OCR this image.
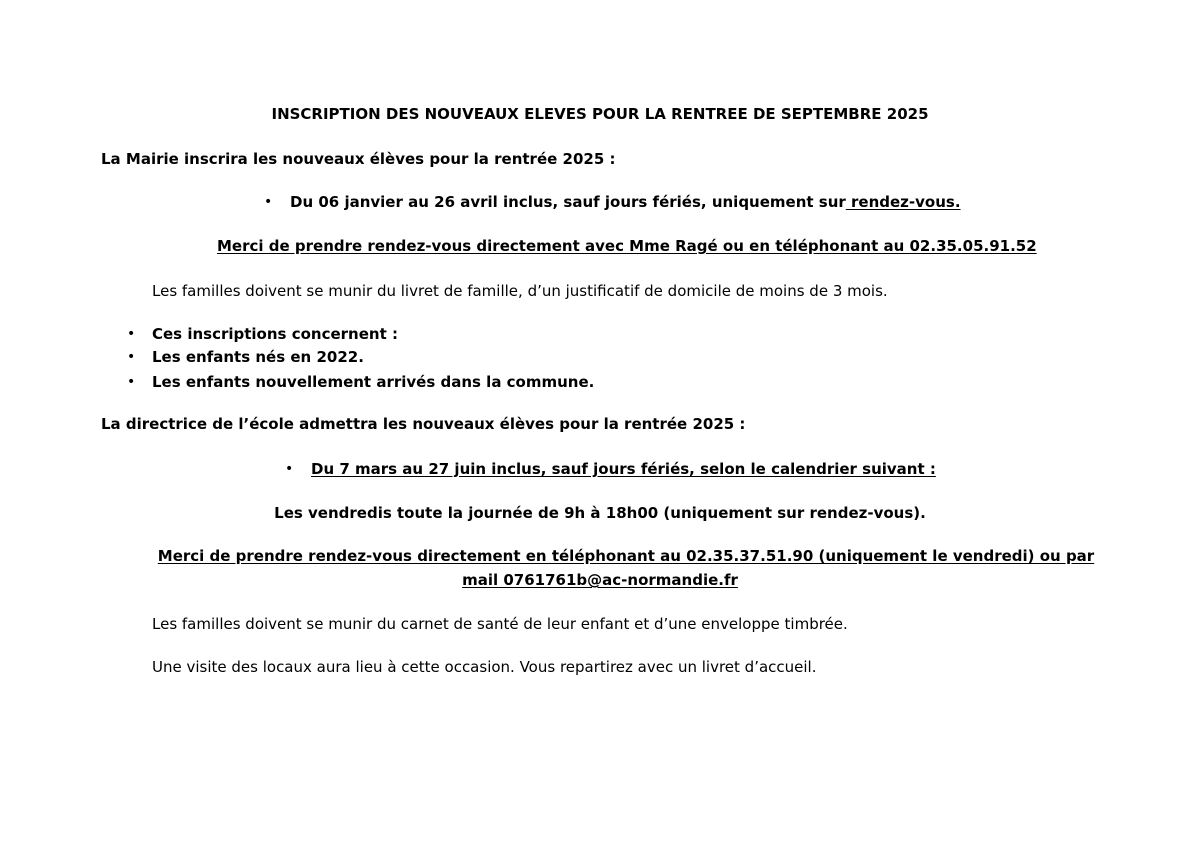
INSCRIPTION DES NOUVEAUX ELEVES POUR LA RENTREE DE SEPTEMBRE 2025
La Mairie inscrira les nouveaux élèves pour la rentrée 2025 :
• Du 06 janvier au 26 avril inclus, sauf jours fériés, uniquement sur rendez-vous.
Merci de prendre rendez-vous directement avec Mme Ragé ou en téléphonant au 02.35.05.91.52
Les familles doivent se munir du livret de famille, d’un justificatif de domicile de moins de 3 mois.
• Ces inscriptions concernent :
• Les enfants nés en 2022.
• Les enfants nouvellement arrivés dans la commune.
La directrice de l’école admettra les nouveaux élèves pour la rentrée 2025 :
• Du 7 mars au 27 juin inclus, sauf jours fériés, selon le calendrier suivant :
Les vendredis toute la journée de 9h à 18h00 (uniquement sur rendez-vous).
Merci de prendre rendez-vous directement en téléphonant au 02.35.37.51.90 (uniquement le vendredi) ou par
mail 0761761b@ac-normandie.fr
Les familles doivent se munir du carnet de santé de leur enfant et d’une enveloppe timbrée.
Une visite des locaux aura lieu à cette occasion. Vous repartirez avec un livret d’accueil.
